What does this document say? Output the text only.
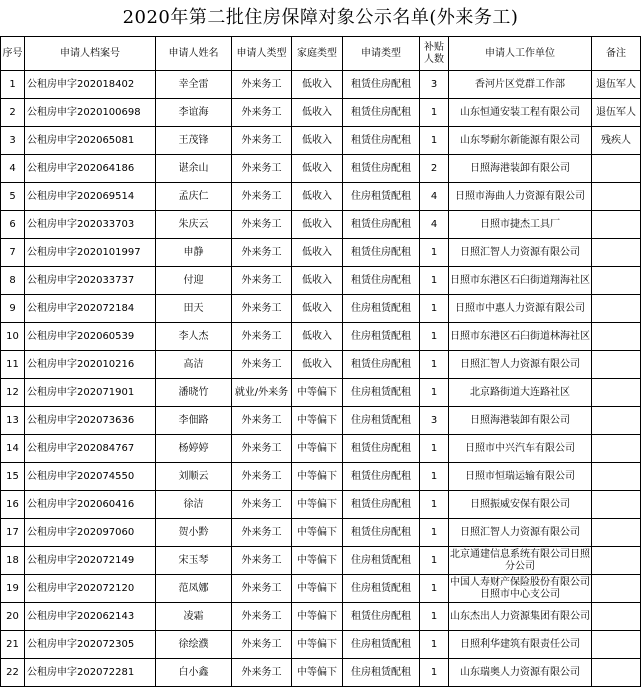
2020年第二批住房保障对象公示名单(外来务工)
序号	申请人档案号	申请人姓名	申请人类型	家庭类型	申请类型	补贴人数	申请人工作单位	备注
1	公租房申字202018402	幸全雷	外来务工	低收入	租赁住房配租	3	香河片区党群工作部	退伍军人
2	公租房申字2020100698	李谊海	外来务工	低收入	租赁住房配租	1	山东恒通安装工程有限公司	退伍军人
3	公租房申字202065081	王茂锋	外来务工	低收入	租赁住房配租	1	山东琴耐尔新能源有限公司	残疾人
4	公租房申字202064186	谌余山	外来务工	低收入	租赁住房配租	2	日照海港装卸有限公司	
5	公租房申字202069514	孟庆仁	外来务工	低收入	住房租赁配租	4	日照市海曲人力资源有限公司	
6	公租房申字202033703	朱庆云	外来务工	低收入	租赁住房配租	4	日照市捷杰工具厂	
7	公租房申字2020101997	申静	外来务工	低收入	租赁住房配租	1	日照汇智人力资源有限公司	
8	公租房申字202033737	付迎	外来务工	低收入	租赁住房配租	1	日照市东港区石臼街道翔海社区	
9	公租房申字202072184	田天	外来务工	低收入	住房租赁配租	1	日照市中惠人力资源有限公司	
10	公租房申字202060539	李人杰	外来务工	低收入	住房租赁配租	1	日照市东港区石臼街道林海社区	
11	公租房申字202010216	高洁	外来务工	低收入	租赁住房配租	1	日照汇智人力资源有限公司	
12	公租房申字202071901	潘晓竹	就业/外来务	中等偏下	住房租赁配租	1	北京路街道大连路社区	
13	公租房申字202073636	李佃路	外来务工	中等偏下	住房租赁配租	3	日照海港装卸有限公司	
14	公租房申字202084767	杨婷婷	外来务工	中等偏下	租赁住房配租	1	日照市中兴汽车有限公司	
15	公租房申字202074550	刘顺云	外来务工	中等偏下	租赁住房配租	1	日照市恒瑞运输有限公司	
16	公租房申字202060416	徐洁	外来务工	中等偏下	租赁住房配租	1	日照振威安保有限公司	
17	公租房申字202097060	贺小黔	外来务工	中等偏下	租赁住房配租	1	日照汇智人力资源有限公司	
18	公租房申字202072149	宋玉琴	外来务工	中等偏下	住房租赁配租	1	北京通建信息系统有限公司日照分公司	
19	公租房申字202072120	范凤娜	外来务工	中等偏下	住房租赁配租	1	中国人寿财产保险股份有限公司日照市中心支公司	
20	公租房申字202062143	凌霜	外来务工	中等偏下	租赁住房配租	1	山东杰出人力资源集团有限公司	
21	公租房申字202072305	徐绘濮	外来务工	中等偏下	住房租赁配租	1	日照利华建筑有限责任公司	
22	公租房申字202072281	白小鑫	外来务工	中等偏下	住房租赁配租	1	山东瑞奥人力资源有限公司	
